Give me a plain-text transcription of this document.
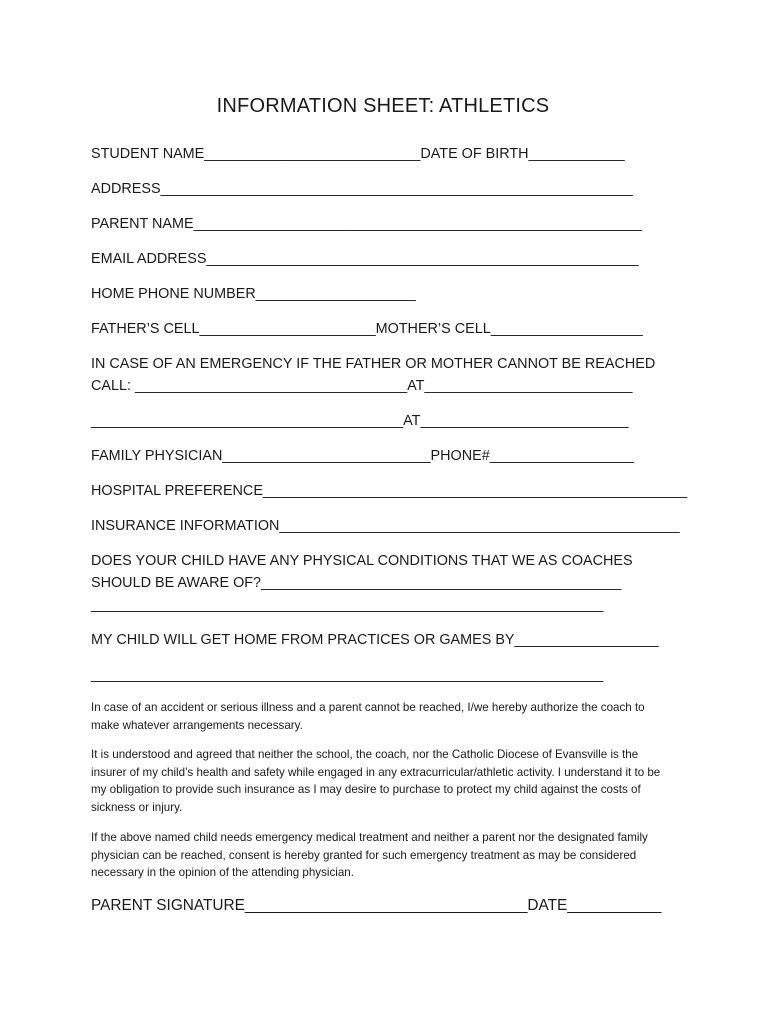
INFORMATION SHEET: ATHLETICS
STUDENT NAME___________________________DATE OF BIRTH____________
ADDRESS___________________________________________________________
PARENT NAME________________________________________________________
EMAIL ADDRESS______________________________________________________
HOME PHONE NUMBER____________________
FATHER’S CELL______________________MOTHER’S CELL___________________
IN CASE OF AN EMERGENCY IF THE FATHER OR MOTHER CANNOT BE REACHED
CALL: __________________________________AT__________________________
_______________________________________AT__________________________
FAMILY PHYSICIAN__________________________PHONE#__________________
HOSPITAL PREFERENCE_____________________________________________________
INSURANCE INFORMATION__________________________________________________
DOES YOUR CHILD HAVE ANY PHYSICAL CONDITIONS THAT WE AS COACHES
SHOULD BE AWARE OF?_____________________________________________
________________________________________________________________
MY CHILD WILL GET HOME FROM PRACTICES OR GAMES BY__________________
________________________________________________________________
In case of an accident or serious illness and a parent cannot be reached, I/we hereby authorize the coach to make whatever arrangements necessary.
It is understood and agreed that neither the school, the coach, nor the Catholic Diocese of Evansville is the insurer of my child’s health and safety while engaged in any extracurricular/athletic activity. I understand it to be my obligation to provide such insurance as I may desire to purchase to protect my child against the costs of sickness or injury.
If the above named child needs emergency medical treatment and neither a parent nor the designated family physician can be reached, consent is hereby granted for such emergency treatment as may be considered necessary in the opinion of the attending physician.
PARENT SIGNATURE_________________________________DATE___________
